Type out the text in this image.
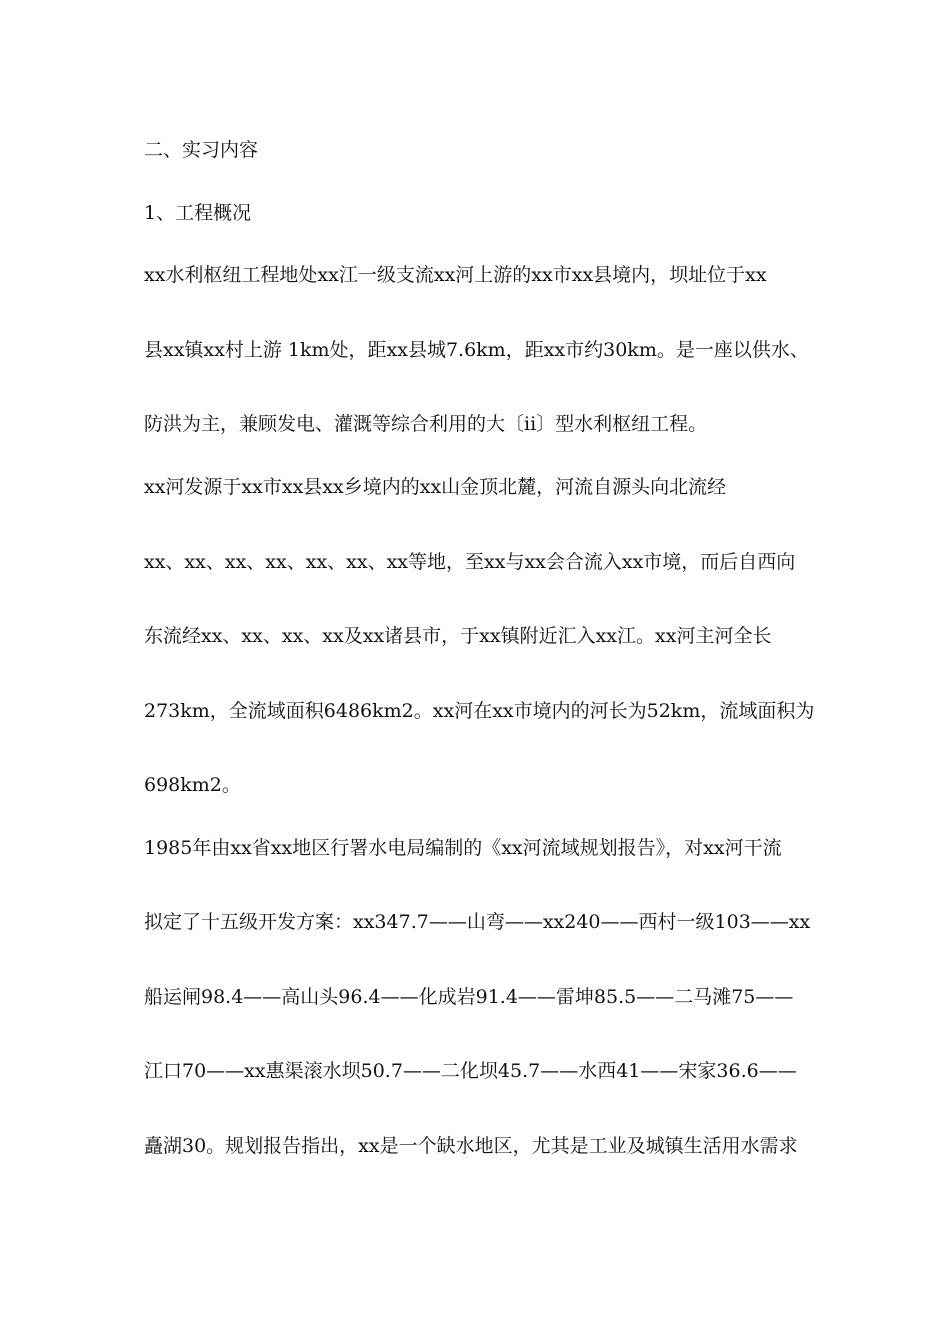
二、实习内容
1、工程概况
xx水利枢纽工程地处xx江一级支流xx河上游的xx市xx县境内，坝址位于xx
县xx镇xx村上游 1km处，距xx县城7.6km，距xx市约30km。是一座以供水、
防洪为主，兼顾发电、灌溉等综合利用的大〔ii〕型水利枢纽工程。
xx河发源于xx市xx县xx乡境内的xx山金顶北麓，河流自源头向北流经
xx、xx、xx、xx、xx、xx、xx等地，至xx与xx会合流入xx市境，而后自西向
东流经xx、xx、xx、xx及xx诸县市，于xx镇附近汇入xx江。xx河主河全长
273km，全流域面积6486km2。xx河在xx市境内的河长为52km，流域面积为
698km2。
1985年由xx省xx地区行署水电局编制的《xx河流域规划报告》，对xx河干流
拟定了十五级开发方案：xx347.7——山弯——xx240——西村一级103——xx
船运闸98.4——高山头96.4——化成岩91.4——雷坤85.5——二马滩75——
江口70——xx惠渠滚水坝50.7——二化坝45.7——水西41——宋家36.6——
矗湖30。规划报告指出，xx是一个缺水地区，尤其是工业及城镇生活用水需求
